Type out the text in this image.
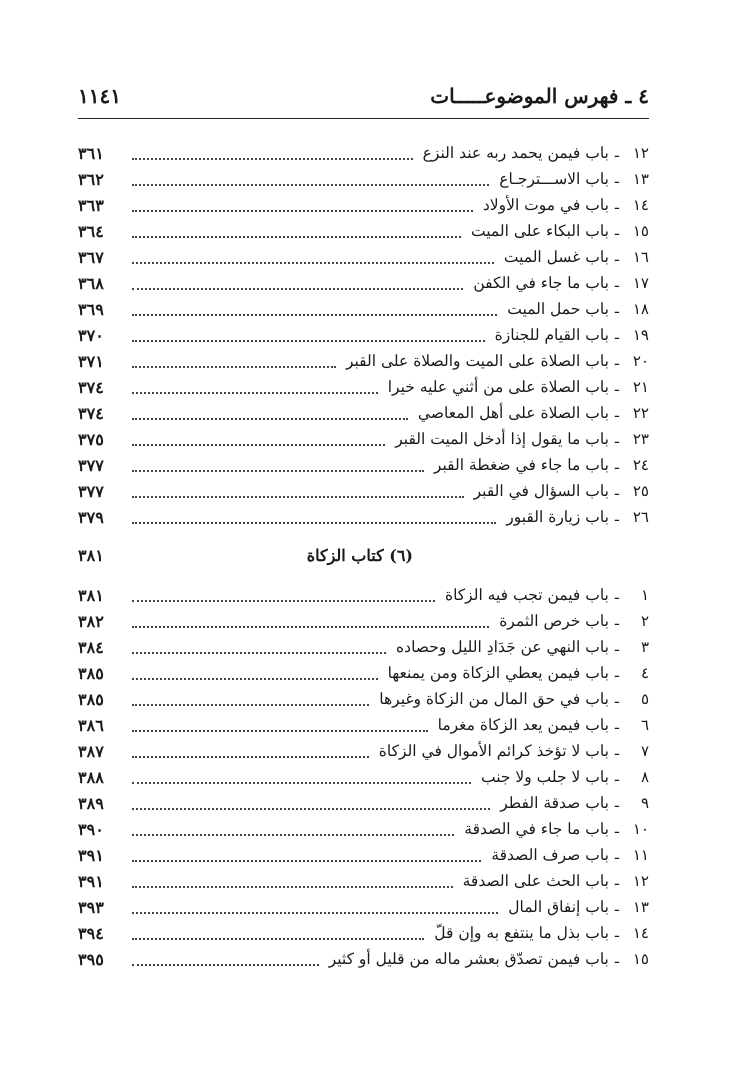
٤ ـ فهرس الموضوعـــــات
١١٤١
١٢
ـ
باب فيمن يحمد ربه عند النزع
٣٦١
١٣
ـ
باب الاســـترجـاع
٣٦٢
١٤
ـ
باب في موت الأولاد
٣٦٣
١٥
ـ
باب البكاء على الميت
٣٦٤
١٦
ـ
باب غسل الميت
٣٦٧
١٧
ـ
باب ما جاء في الكفن
٣٦٨
١٨
ـ
باب حمل الميت
٣٦٩
١٩
ـ
باب القيام للجنازة
٣٧٠
٢٠
ـ
باب الصلاة على الميت والصلاة على القبر
٣٧١
٢١
ـ
باب الصلاة على من أثني عليه خيرا
٣٧٤
٢٢
ـ
باب الصلاة على أهل المعاصي
٣٧٤
٢٣
ـ
باب ما يقول إذا أدخل الميت القبر
٣٧٥
٢٤
ـ
باب ما جاء في ضغطة القبر
٣٧٧
٢٥
ـ
باب السؤال في القبر
٣٧٧
٢٦
ـ
باب زيارة القبور
٣٧٩
(٦) كتاب الزكاة
٣٨١
١
ـ
باب فيمن تجب فيه الزكاة
٣٨١
٢
ـ
باب خرص الثمرة
٣٨٢
٣
ـ
باب النهي عن جَدَادِ الليل وحصاده
٣٨٤
٤
ـ
باب فيمن يعطي الزكاة ومن يمنعها
٣٨٥
٥
ـ
باب في حق المال من الزكاة وغيرها
٣٨٥
٦
ـ
باب فيمن يعد الزكاة مغرما
٣٨٦
٧
ـ
باب لا تؤخذ كرائم الأموال في الزكاة
٣٨٧
٨
ـ
باب لا جلب ولا جنب
٣٨٨
٩
ـ
باب صدقة الفطر
٣٨٩
١٠
ـ
باب ما جاء في الصدقة
٣٩٠
١١
ـ
باب صرف الصدقة
٣٩١
١٢
ـ
باب الحث على الصدقة
٣٩١
١٣
ـ
باب إنفاق المال
٣٩٣
١٤
ـ
باب بذل ما ينتفع به وإن قلّ
٣٩٤
١٥
ـ
باب فيمن تصدّق بعشر ماله من قليل أو كثير
٣٩٥
